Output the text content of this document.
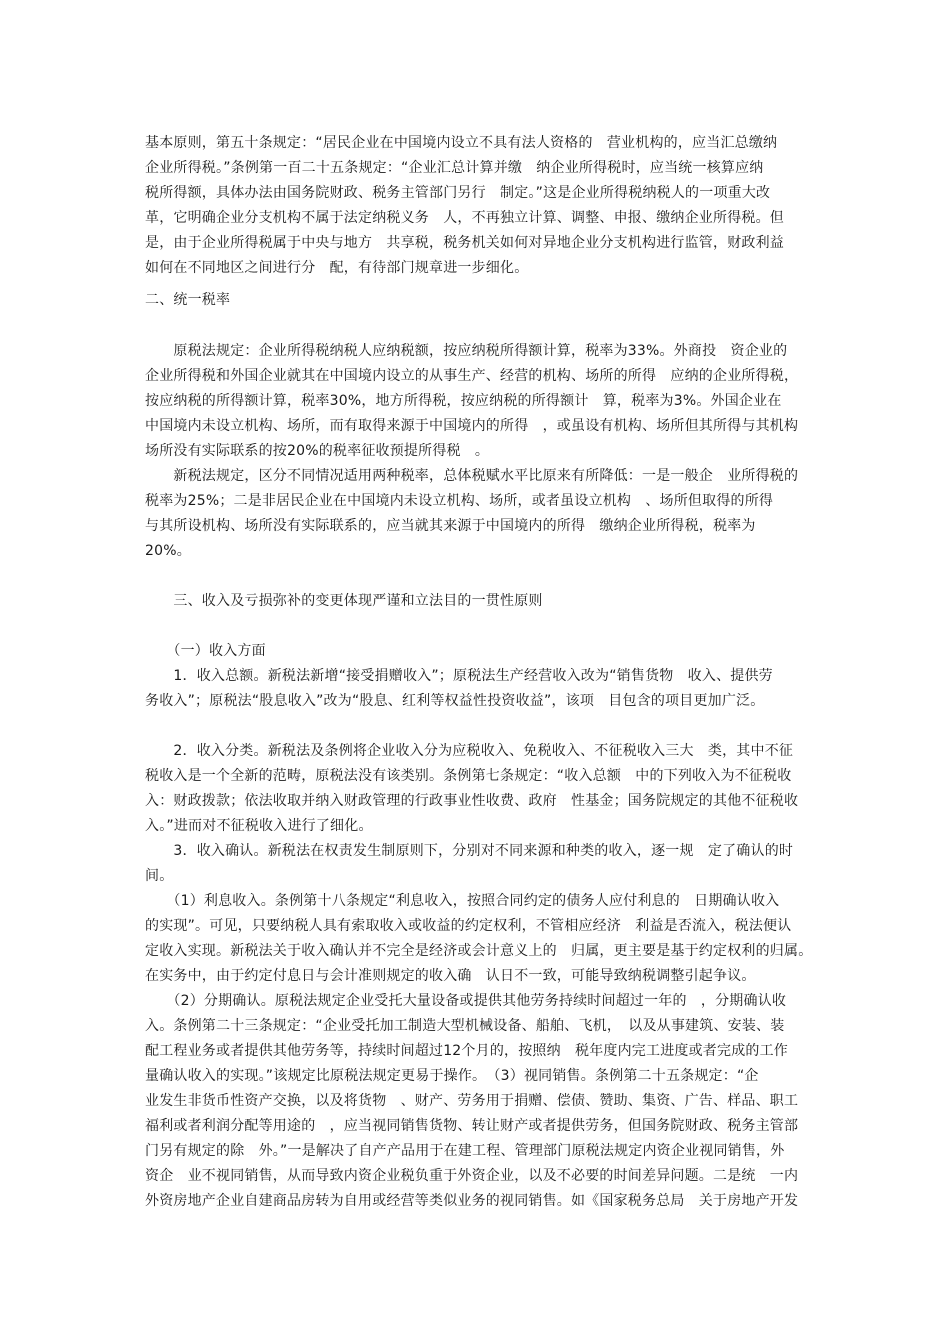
基本原则，第五十条规定：“居民企业在中国境内设立不具有法人资格的　营业机构的，应当汇总缴纳
企业所得税。”条例第一百二十五条规定：“企业汇总计算并缴　纳企业所得税时，应当统一核算应纳
税所得额，具体办法由国务院财政、税务主管部门另行　制定。”这是企业所得税纳税人的一项重大改
革，它明确企业分支机构不属于法定纳税义务　人，不再独立计算、调整、申报、缴纳企业所得税。但
是，由于企业所得税属于中央与地方　共享税，税务机关如何对异地企业分支机构进行监管，财政利益
如何在不同地区之间进行分　配，有待部门规章进一步细化。
二、统一税率
　　原税法规定：企业所得税纳税人应纳税额，按应纳税所得额计算，税率为33%。外商投　资企业的
企业所得税和外国企业就其在中国境内设立的从事生产、经营的机构、场所的所得　应纳的企业所得税，
按应纳税的所得额计算，税率30%，地方所得税，按应纳税的所得额计　算，税率为3%。外国企业在
中国境内未设立机构、场所，而有取得来源于中国境内的所得　，或虽设有机构、场所但其所得与其机构
场所没有实际联系的按20%的税率征收预提所得税　。
　　新税法规定，区分不同情况适用两种税率，总体税赋水平比原来有所降低：一是一般企　业所得税的
税率为25%；二是非居民企业在中国境内未设立机构、场所，或者虽设立机构　、场所但取得的所得
与其所设机构、场所没有实际联系的，应当就其来源于中国境内的所得　缴纳企业所得税，税率为
20%。
　　三、收入及亏损弥补的变更体现严谨和立法目的一贯性原则
　　（一）收入方面
　　1．收入总额。新税法新增“接受捐赠收入”；原税法生产经营收入改为“销售货物　收入、提供劳
务收入”；原税法“股息收入”改为“股息、红利等权益性投资收益”，该项　目包含的项目更加广泛。
　　2．收入分类。新税法及条例将企业收入分为应税收入、免税收入、不征税收入三大　类，其中不征
税收入是一个全新的范畴，原税法没有该类别。条例第七条规定：“收入总额　中的下列收入为不征税收
入：财政拨款；依法收取并纳入财政管理的行政事业性收费、政府　性基金；国务院规定的其他不征税收
入。”进而对不征税收入进行了细化。
　　3．收入确认。新税法在权责发生制原则下，分别对不同来源和种类的收入，逐一规　定了确认的时
间。
　　（1）利息收入。条例第十八条规定“利息收入，按照合同约定的债务人应付利息的　日期确认收入
的实现”。可见，只要纳税人具有索取收入或收益的约定权利，不管相应经济　利益是否流入，税法便认
定收入实现。新税法关于收入确认并不完全是经济或会计意义上的　归属，更主要是基于约定权利的归属。
在实务中，由于约定付息日与会计准则规定的收入确　认日不一致，可能导致纳税调整引起争议。
　　（2）分期确认。原税法规定企业受托大量设备或提供其他劳务持续时间超过一年的　，分期确认收
入。条例第二十三条规定：“企业受托加工制造大型机械设备、船舶、飞机，　以及从事建筑、安装、装
配工程业务或者提供其他劳务等，持续时间超过12个月的，按照纳　税年度内完工进度或者完成的工作
量确认收入的实现。”该规定比原税法规定更易于操作。　（3）视同销售。条例第二十五条规定：“企
业发生非货币性资产交换，以及将货物　、财产、劳务用于捐赠、偿债、赞助、集资、广告、样品、职工
福利或者利润分配等用途的　，应当视同销售货物、转让财产或者提供劳务，但国务院财政、税务主管部
门另有规定的除　外。”一是解决了自产产品用于在建工程、管理部门原税法规定内资企业视同销售，外
资企　业不视同销售，从而导致内资企业税负重于外资企业，以及不必要的时间差异问题。二是统　一内
外资房地产企业自建商品房转为自用或经营等类似业务的视同销售。如《国家税务总局　关于房地产开发
